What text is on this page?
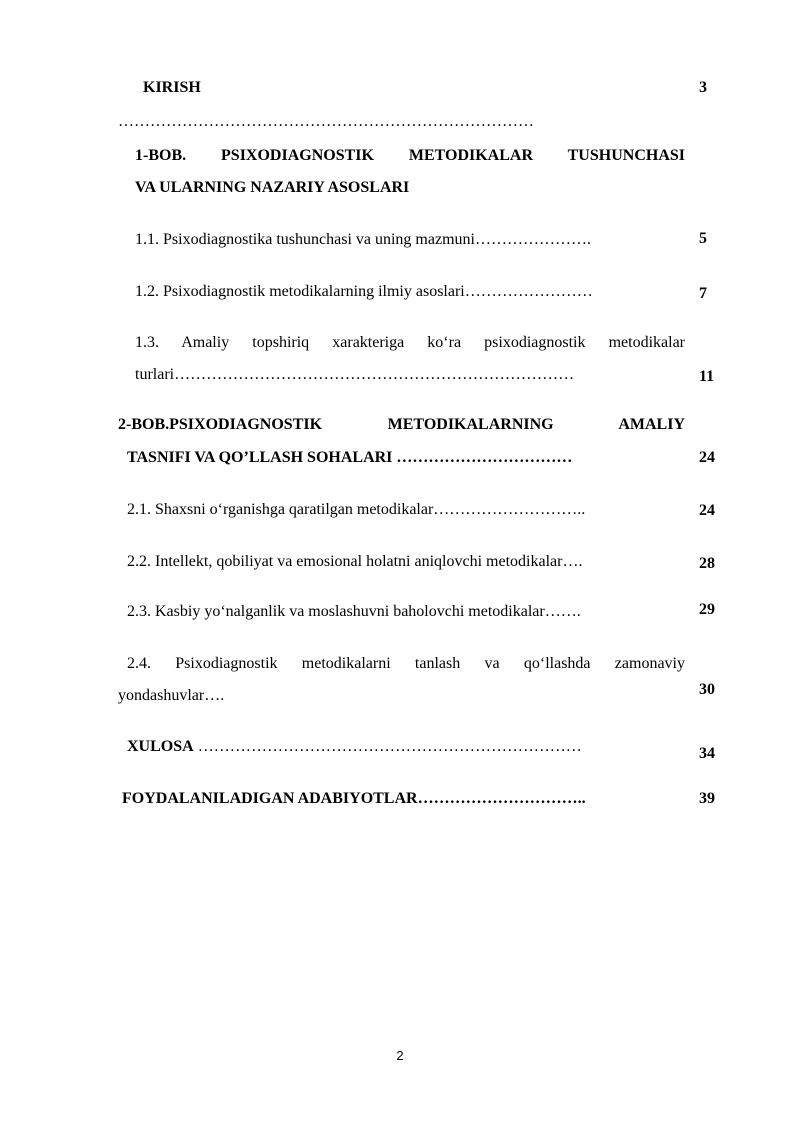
KIRISH	3
……………………………………………………………………
1-BOB. PSIXODIAGNOSTIK METODIKALAR TUSHUNCHASI
VA ULARNING NAZARIY ASOSLARI
1.1. Psixodiagnostika tushunchasi va uning mazmuni………………….	5
1.2. Psixodiagnostik metodikalarning ilmiy asoslari……………………	7
1.3. Amaliy topshiriq xarakteriga ko‘ra psixodiagnostik metodikalar
turlari…………………………………………………………………	11
2-BOB.PSIXODIAGNOSTIK METODIKALARNING AMALIY
TASNIFI VA QO’LLASH SOHALARI ……………………………	24
2.1. Shaxsni o‘rganishga qaratilgan metodikalar………………………..	24
2.2. Intellekt, qobiliyat va emosional holatni aniqlovchi metodikalar….	28
2.3. Kasbiy yo‘nalganlik va moslashuvni baholovchi metodikalar…….	29
2.4. Psixodiagnostik metodikalarni tanlash va qo‘llashda zamonaviy
yondashuvlar….	30
XULOSA ………………………………………………………………	34
FOYDALANILADIGAN ADABIYOTLAR…………………………..	39
2
